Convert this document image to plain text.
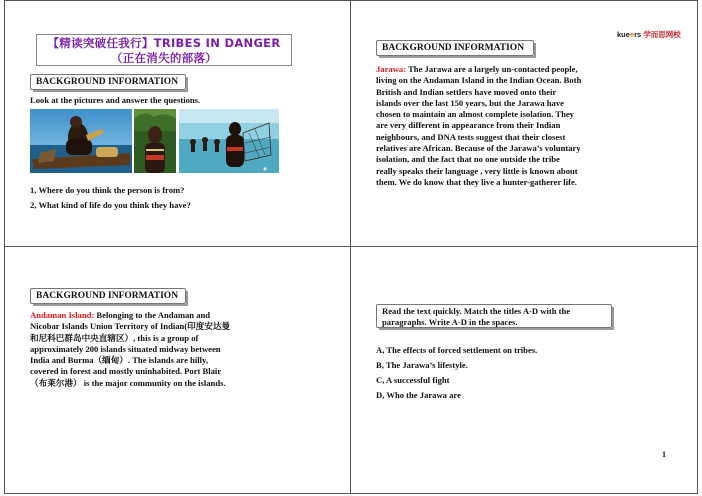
【精读突破任我行】TRIBES IN DANGER
（正在消失的部落）
BACKGROUND INFORMATION
Look at the pictures and answer the questions.
◉
1, Where do you think the person is from?
2, What kind of life do you think they have?
kueers 学而思网校
BACKGROUND INFORMATION
Jarawa: The Jarawa are a largely un-contacted people,
living on the Andaman Island in the Indian Ocean. Both
British and Indian settlers have moved onto their
islands over the last 150 years, but the Jarawa have
chosen to maintain an almost complete isolation. They
are very different in appearance from their Indian
neighbours, and DNA tests suggest that their closest
relatives are African. Because of the Jarawa’s voluntary
isolation, and the fact that no one outside the tribe
really speaks their language , very little is known about
them. We do know that they live a hunter-gatherer life.
BACKGROUND INFORMATION
Andaman Island: Belonging to the Andaman and
Nicobar Islands Union Territory of Indian(印度安达曼
和尼科巴群岛中央直辖区）, this is a group of
approximately 200 islands situated midway between
India and Burma（缅甸）. The islands are hilly,
covered in forest and mostly uninhabited. Port Blair
（布莱尔港） is the major community on the islands.
Read the text quickly. Match the titles A-D with the
paragraphs. Write A-D in the spaces.
A, The effects of forced settlement on tribes.
B, The Jarawa’s lifestyle.
C, A successful fight
D, Who the Jarawa are
1
